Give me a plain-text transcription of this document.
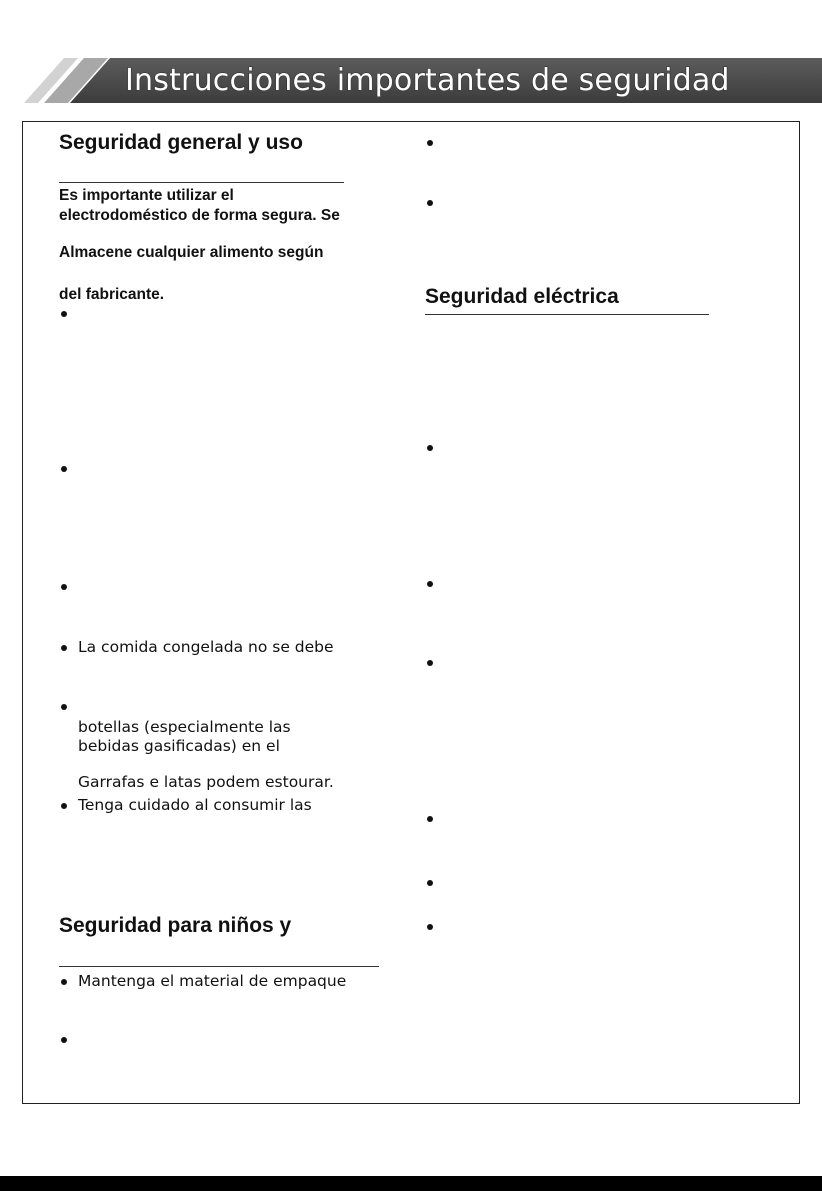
Instrucciones importantes de seguridad
Seguridad general y uso
Es importante utilizar el
electrodoméstico de forma segura. Se
Almacene cualquier alimento según
del fabricante.
La comida congelada no se debe
botellas (especialmente las
bebidas gasificadas) en el
Garrafas e latas podem estourar.
Tenga cuidado al consumir las
Seguridad para niños y
Mantenga el material de empaque
Seguridad eléctrica
